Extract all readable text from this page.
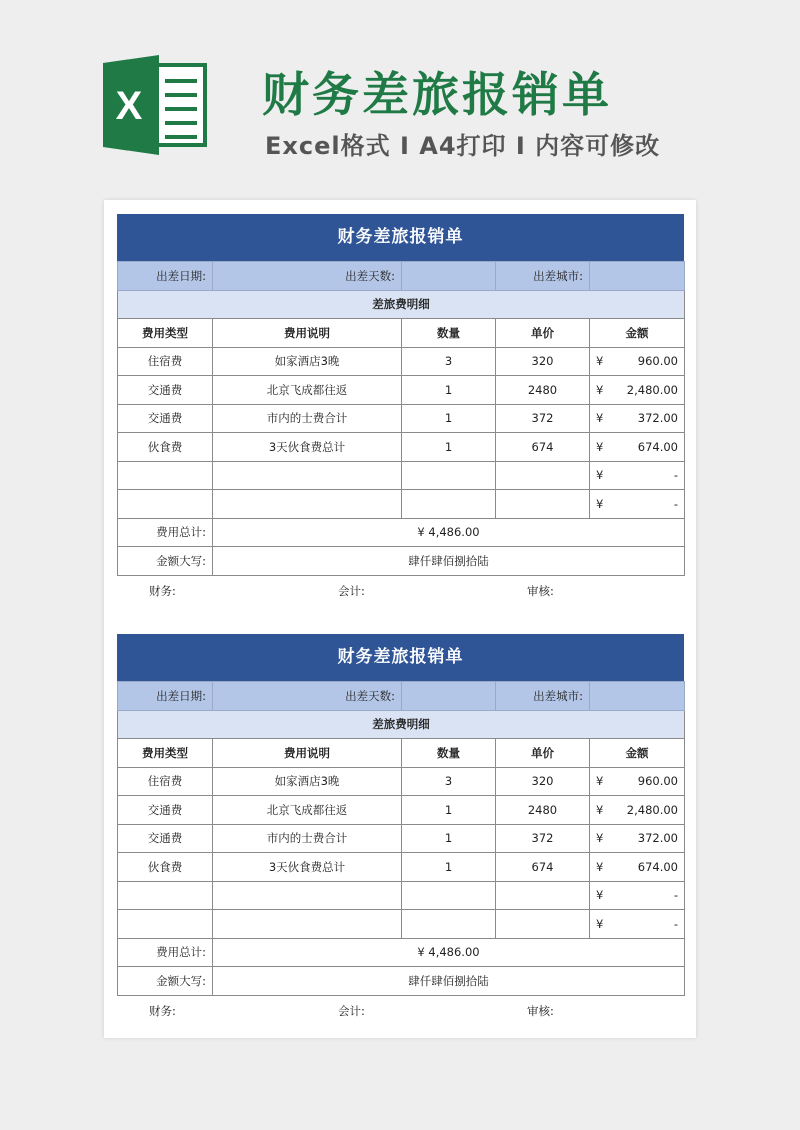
X	财务差旅报销单
Excel格式 I A4打印 I 内容可修改
财务差旅报销单
出差日期:	出差天数:		出差城市:	
差旅费明细				
费用类型	费用说明	数量	单价	金额
住宿费	如家酒店3晚	3	320	¥ 960.00

交通费	北京飞成都往返	1	2480	¥ 2,480.00

交通费	市内的士费合计	1	372	¥ 372.00

伙食费	3天伙食费总计	1	674	¥ 674.00

				¥ -

				¥ -

费用总计:	¥ 4,486.00			
金额大写:	肆仟肆佰捌拾陆			
财务:	会计:	审核:
财务差旅报销单
出差日期:	出差天数:		出差城市:	
差旅费明细				
费用类型	费用说明	数量	单价	金额
住宿费	如家酒店3晚	3	320	¥ 960.00

交通费	北京飞成都往返	1	2480	¥ 2,480.00

交通费	市内的士费合计	1	372	¥ 372.00

伙食费	3天伙食费总计	1	674	¥ 674.00

				¥ -

				¥ -

费用总计:	¥ 4,486.00			
金额大写:	肆仟肆佰捌拾陆			
财务:	会计:	审核:
